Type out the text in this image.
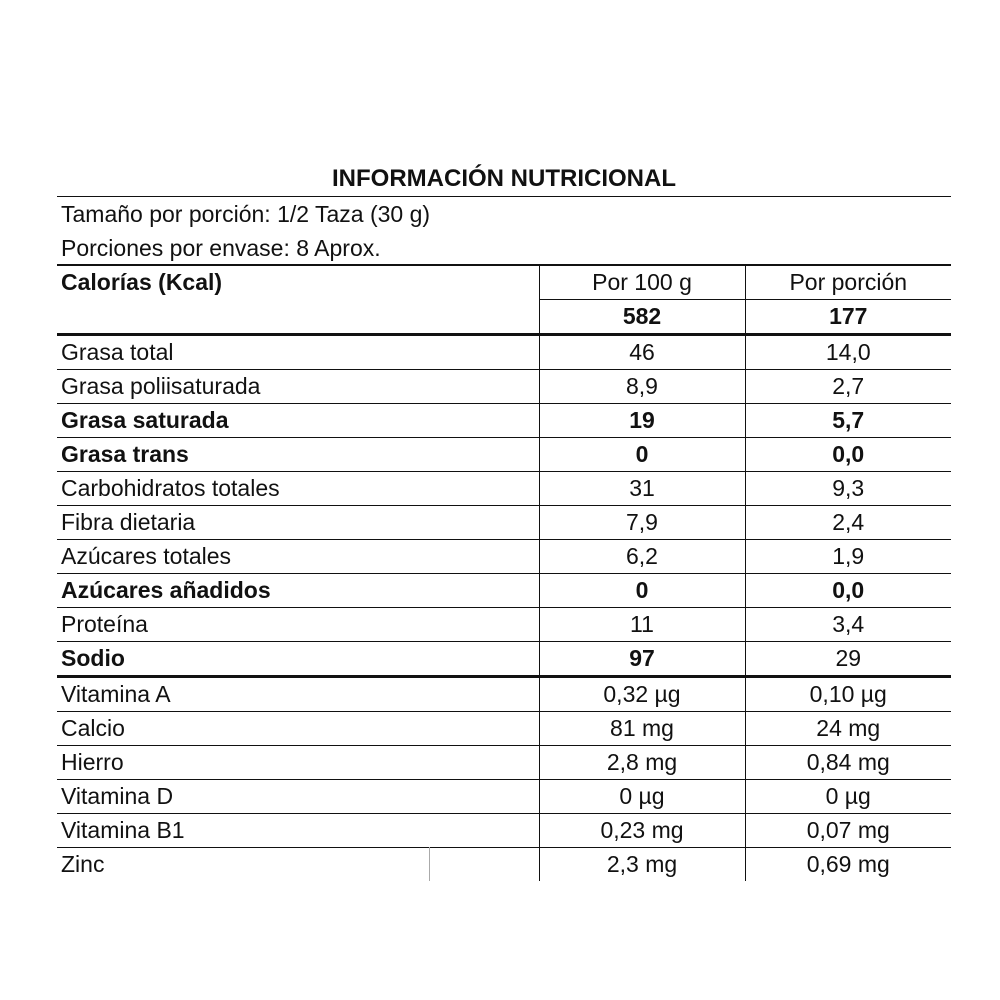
INFORMACIÓN NUTRICIONAL
Tamaño por porción: 1/2 Taza (30 g)
Porciones por envase: 8 Aprox.
Calorías (Kcal)	Por 100 g	Por porción
	582	177
Grasa total	46	14,0
Grasa poliisaturada	8,9	2,7
Grasa saturada	19	5,7
Grasa trans	0	0,0
Carbohidratos totales	31	9,3
Fibra dietaria	7,9	2,4
Azúcares totales	6,2	1,9
Azúcares añadidos	0	0,0
Proteína	11	3,4
Sodio	97	29
Vitamina A	0,32 µg	0,10 µg
Calcio	81 mg	24 mg
Hierro	2,8 mg	0,84 mg
Vitamina D	0 µg	0 µg
Vitamina B1	0,23 mg	0,07 mg
Zinc	2,3 mg	0,69 mg
